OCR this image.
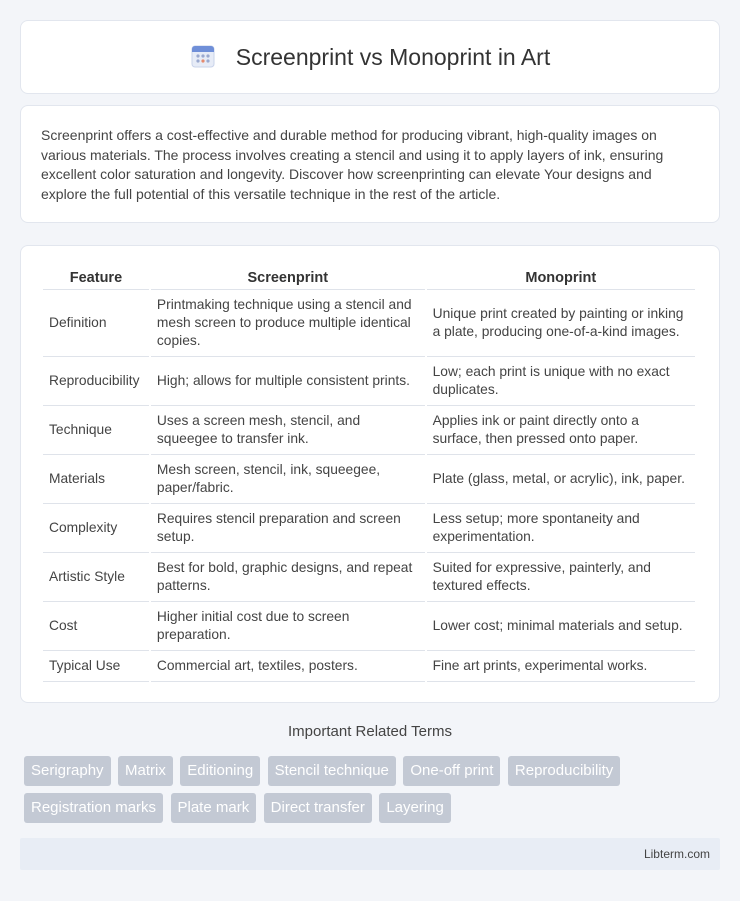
Screenprint vs Monoprint in Art

Screenprint offers a cost-effective and durable method for producing vibrant, high-quality images on various materials. The process involves creating a stencil and using it to apply layers of ink, ensuring excellent color saturation and longevity. Discover how screenprinting can elevate Your designs and explore the full potential of this versatile technique in the rest of the article.

Feature	Screenprint	Monoprint
Definition	Printmaking technique using a stencil and mesh screen to produce multiple identical copies.	Unique print created by painting or inking a plate, producing one-of-a-kind images.
Reproducibility	High; allows for multiple consistent prints.	Low; each print is unique with no exact duplicates.
Technique	Uses a screen mesh, stencil, and squeegee to transfer ink.	Applies ink or paint directly onto a surface, then pressed onto paper.
Materials	Mesh screen, stencil, ink, squeegee, paper/fabric.	Plate (glass, metal, or acrylic), ink, paper.
Complexity	Requires stencil preparation and screen setup.	Less setup; more spontaneity and experimentation.
Artistic Style	Best for bold, graphic designs, and repeat patterns.	Suited for expressive, painterly, and textured effects.
Cost	Higher initial cost due to screen preparation.	Lower cost; minimal materials and setup.
Typical Use	Commercial art, textiles, posters.	Fine art prints, experimental works.
Important Related Terms
Serigraphy Matrix Editioning Stencil technique One-off print Reproducibility
Registration marks Plate mark Direct transfer Layering
Libterm.com
